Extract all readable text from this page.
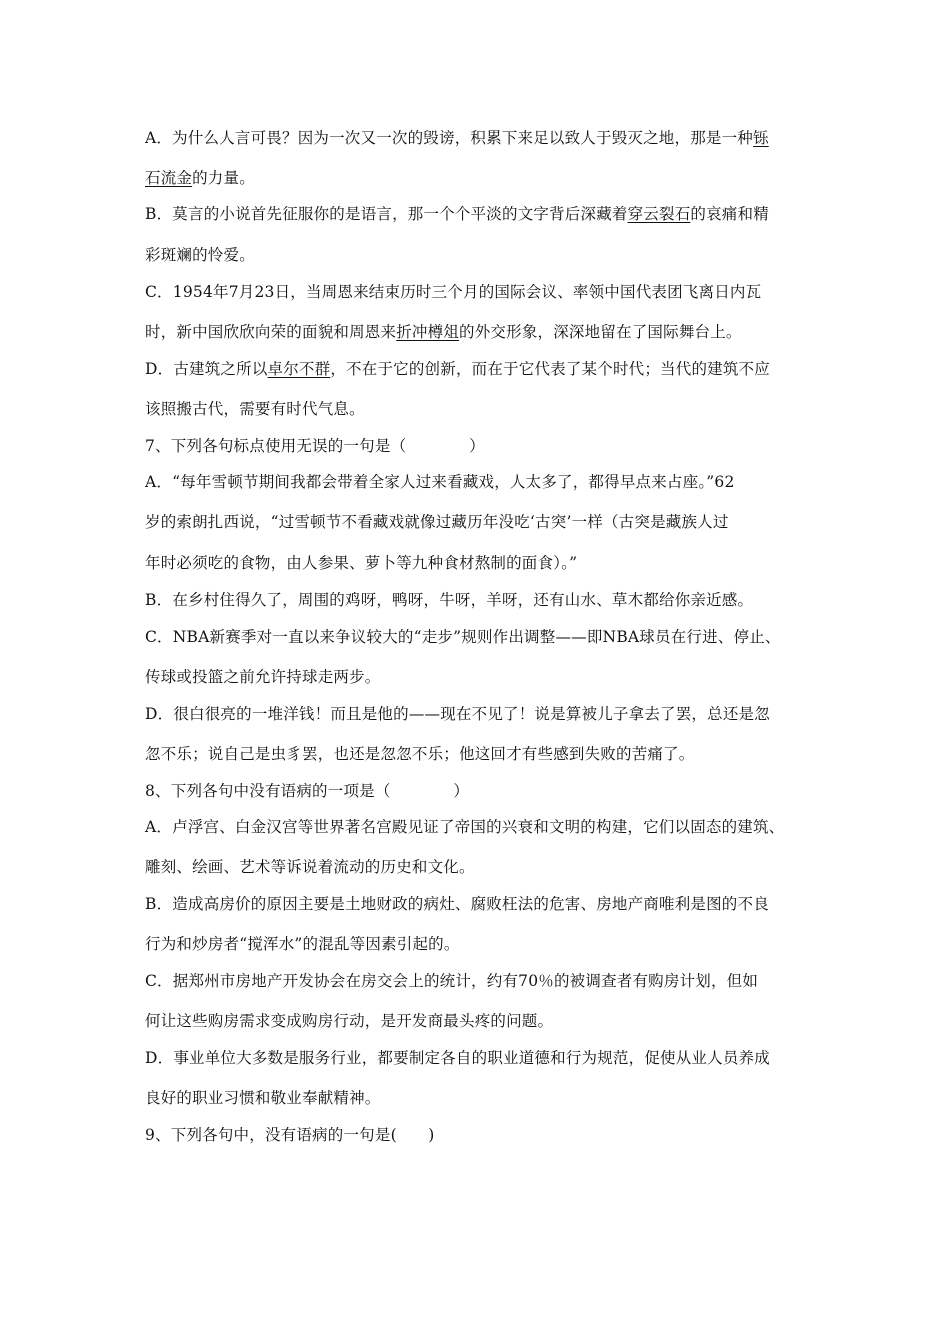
A．为什么人言可畏？因为一次又一次的毁谤，积累下来足以致人于毁灭之地，那是一种铄
石流金的力量。
B．莫言的小说首先征服你的是语言，那一个个平淡的文字背后深藏着穿云裂石的哀痛和精
彩斑斓的怜爱。
C．1954年7月23日，当周恩来结束历时三个月的国际会议、率领中国代表团飞离日内瓦
时，新中国欣欣向荣的面貌和周恩来折冲樽俎的外交形象，深深地留在了国际舞台上。
D．古建筑之所以卓尔不群，不在于它的创新，而在于它代表了某个时代；当代的建筑不应
该照搬古代，需要有时代气息。
7、下列各句标点使用无误的一句是（　　　　）
A．“每年雪顿节期间我都会带着全家人过来看藏戏，人太多了，都得早点来占座。”62
岁的索朗扎西说，“过雪顿节不看藏戏就像过藏历年没吃‘古突’一样（古突是藏族人过
年时必须吃的食物，由人参果、萝卜等九种食材熬制的面食）。”
B．在乡村住得久了，周围的鸡呀，鸭呀，牛呀，羊呀，还有山水、草木都给你亲近感。
C．NBA新赛季对一直以来争议较大的“走步”规则作出调整——即NBA球员在行进、停止、
传球或投篮之前允许持球走两步。
D．很白很亮的一堆洋钱！而且是他的——现在不见了！说是算被儿子拿去了罢，总还是忽
忽不乐；说自己是虫豸罢，也还是忽忽不乐；他这回才有些感到失败的苦痛了。
8、下列各句中没有语病的一项是（　　　　）
A．卢浮宫、白金汉宫等世界著名宫殿见证了帝国的兴衰和文明的构建，它们以固态的建筑、
雕刻、绘画、艺术等诉说着流动的历史和文化。
B．造成高房价的原因主要是土地财政的病灶、腐败枉法的危害、房地产商唯利是图的不良
行为和炒房者“搅浑水”的混乱等因素引起的。
C．据郑州市房地产开发协会在房交会上的统计，约有70％的被调查者有购房计划，但如
何让这些购房需求变成购房行动，是开发商最头疼的问题。
D．事业单位大多数是服务行业，都要制定各自的职业道德和行为规范，促使从业人员养成
良好的职业习惯和敬业奉献精神。
9、下列各句中，没有语病的一句是(　　)
